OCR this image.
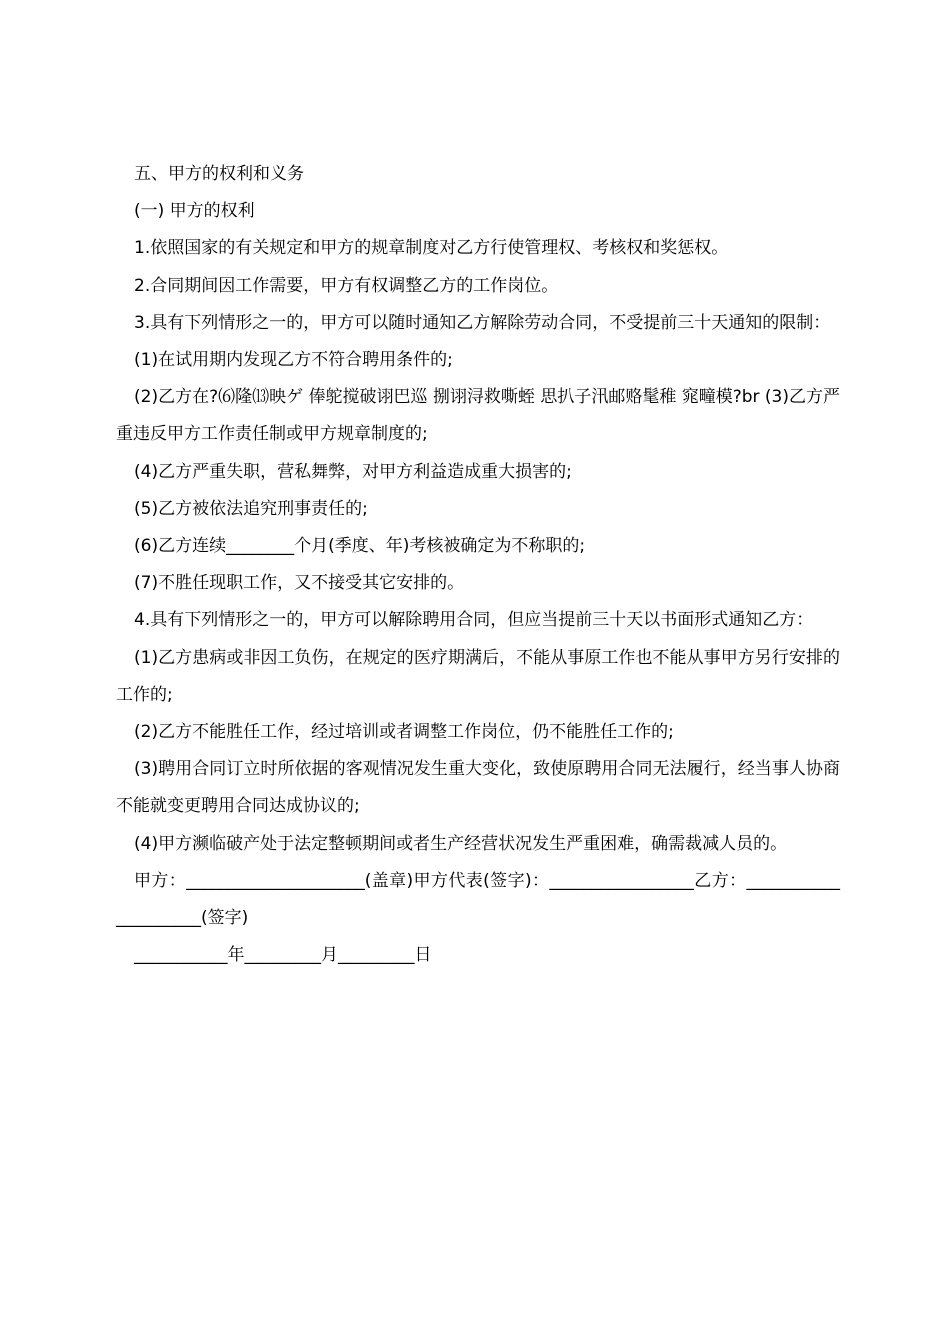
五、甲方的权利和义务

(一) 甲方的权利

1.依照国家的有关规定和甲方的规章制度对乙方行使管理权、考核权和奖惩权。

2.合同期间因工作需要，甲方有权调整乙方的工作岗位。

3.具有下列情形之一的，甲方可以随时通知乙方解除劳动合同，不受提前三十天通知的限制：

(1)在试用期内发现乙方不符合聘用条件的;

(2)乙方在?⑹隆⒀映ゲ 俸鸵搅破诩巴巡 捌诩浔救嘶蛭 思扒子汛邮赂髦稚 窕疃模?br (3)乙方严重违反甲方工作责任制或甲方规章制度的;

(4)乙方严重失职，营私舞弊，对甲方利益造成重大损害的;

(5)乙方被依法追究刑事责任的;

(6)乙方连续________个月(季度、年)考核被确定为不称职的;

(7)不胜任现职工作，又不接受其它安排的。

4.具有下列情形之一的，甲方可以解除聘用合同，但应当提前三十天以书面形式通知乙方：

(1)乙方患病或非因工负伤，在规定的医疗期满后，不能从事原工作也不能从事甲方另行安排的工作的;

(2)乙方不能胜任工作，经过培训或者调整工作岗位，仍不能胜任工作的;

(3)聘用合同订立时所依据的客观情况发生重大变化，致使原聘用合同无法履行，经当事人协商不能就变更聘用合同达成协议的;

(4)甲方濒临破产处于法定整顿期间或者生产经营状况发生严重困难，确需裁减人员的。

甲方：_____________________(盖章)甲方代表(签字)：_________________乙方：_____________________(签字)

___________年_________月_________日
